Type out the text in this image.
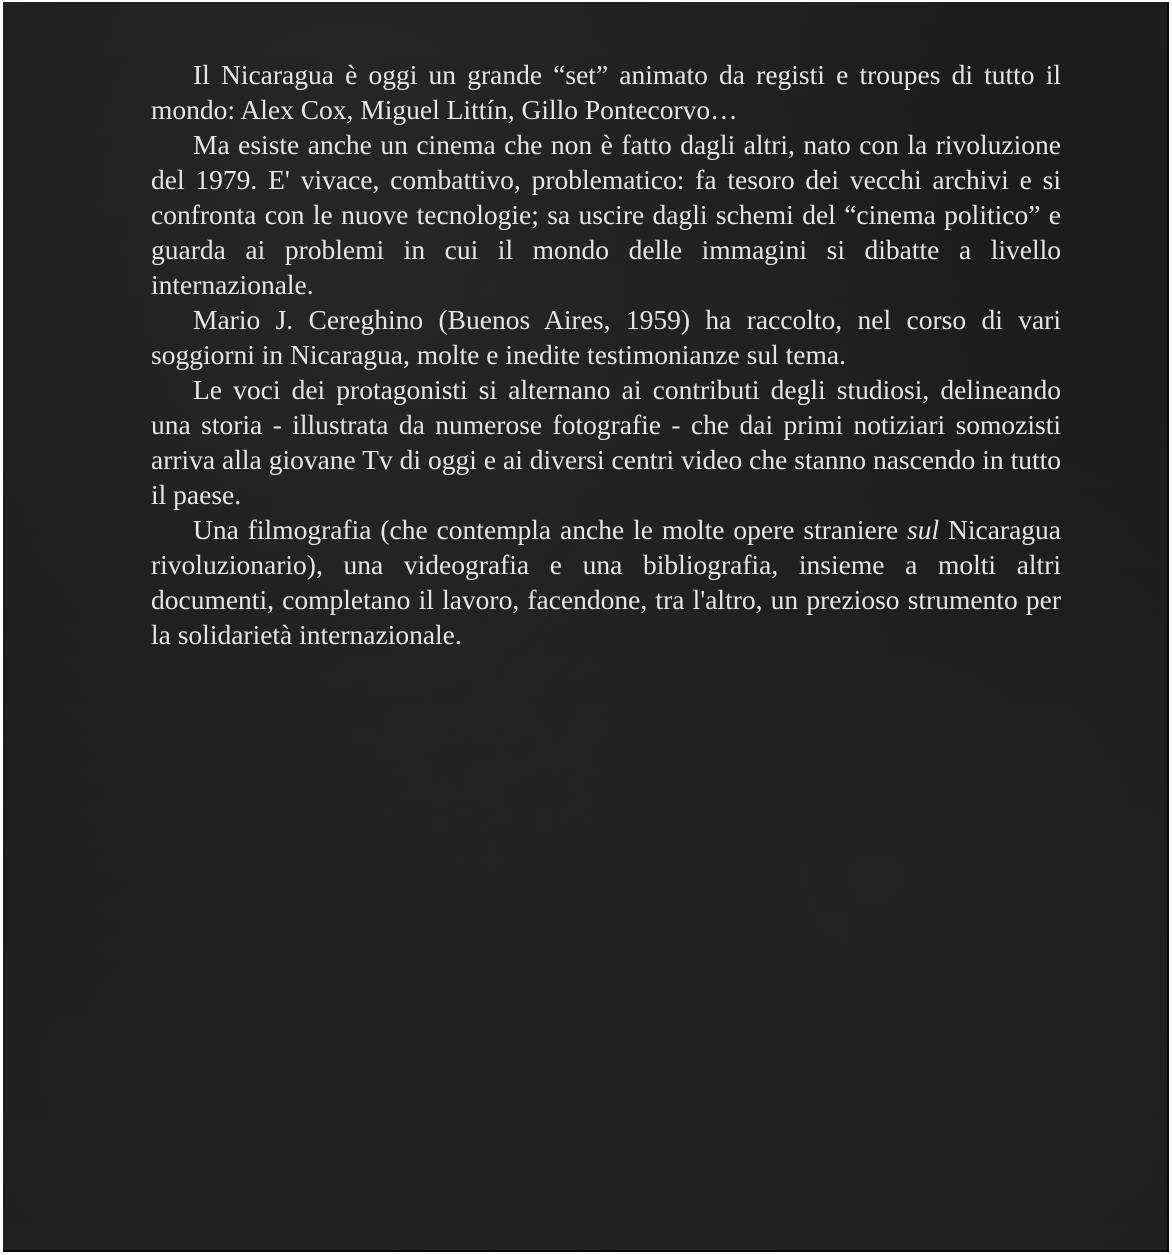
Il Nicaragua è oggi un grande “set” animato da registi e troupes di tutto il mondo: Alex Cox, Miguel Littín, Gillo Pontecorvo…

Ma esiste anche un cinema che non è fatto dagli altri, nato con la rivoluzione del 1979. E' vivace, combattivo, problematico: fa tesoro dei vecchi archivi e si confronta con le nuove tecnologie; sa uscire dagli schemi del “cinema politico” e guarda ai problemi in cui il mondo delle immagini si dibatte a livello internazionale.

Mario J. Cereghino (Buenos Aires, 1959) ha raccolto, nel corso di vari soggiorni in Nicaragua, molte e inedite testimonianze sul tema.

Le voci dei protagonisti si alternano ai contributi degli studiosi, delineando una storia - illustrata da numerose fotografie - che dai primi notiziari somozisti arriva alla giovane Tv di oggi e ai diversi centri video che stanno nascendo in tutto il paese.

Una filmografia (che contempla anche le molte opere straniere sul Nicaragua rivoluzionario), una videografia e una bibliografia, insieme a molti altri documenti, completano il lavoro, facendone, tra l'altro, un prezioso strumento per la solidarietà internazionale.
